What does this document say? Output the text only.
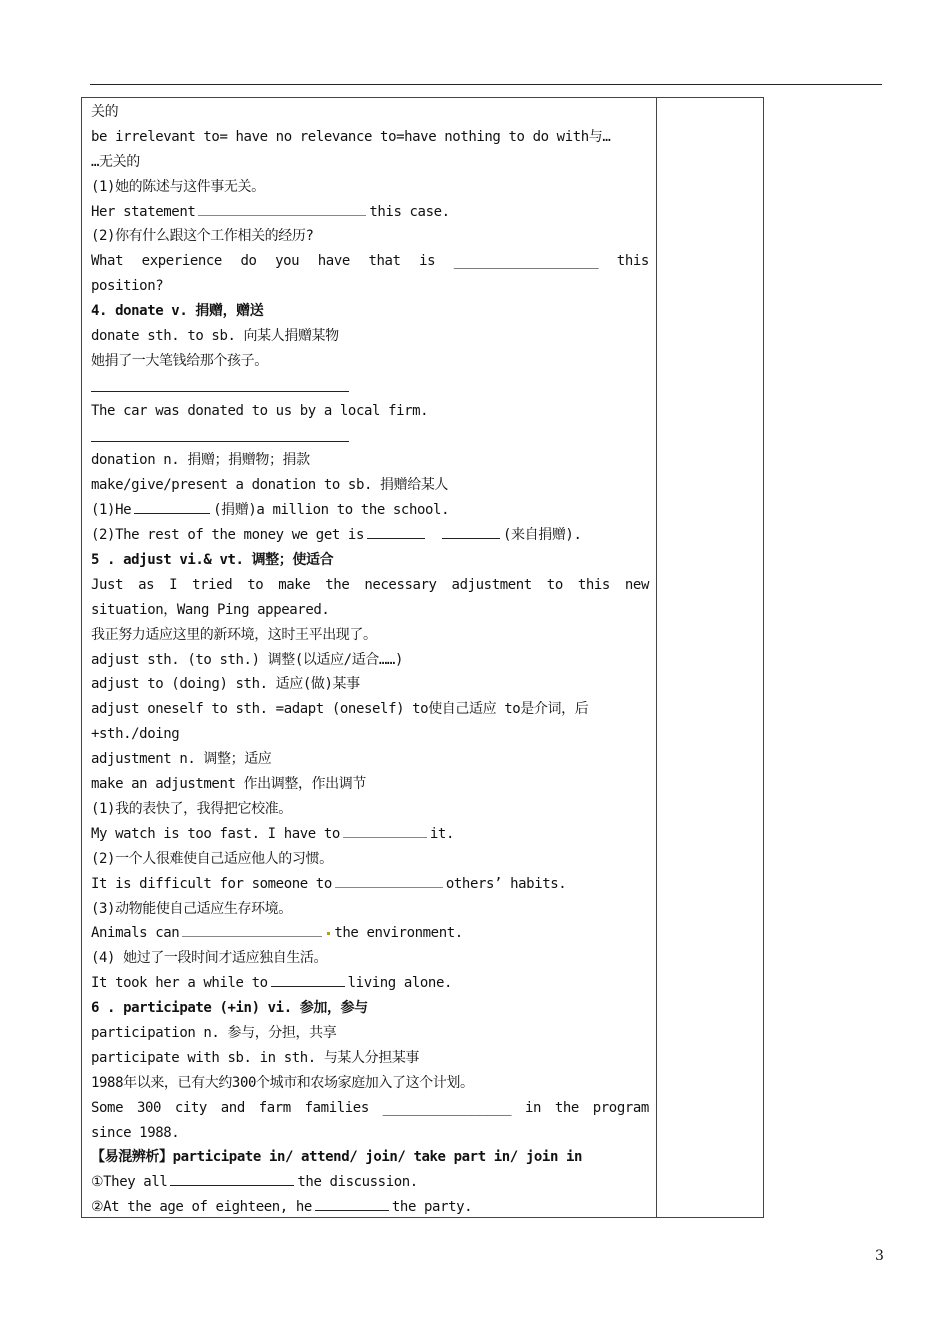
关的
be irrelevant to= have no relevance to=have nothing to do with与…
…无关的
(1)她的陈述与这件事无关。
Her statement	this case.
(2)你有什么跟这个工作相关的经历?
What experience do you have that is __________________ this
position?
4. donate v. 捐赠，赠送
donate sth. to sb. 向某人捐赠某物
她捐了一大笔钱给那个孩子。
The car was donated to us by a local firm.
donation n. 捐赠；捐赠物；捐款
make/give/present a donation to sb. 捐赠给某人
(1)He	(捐赠)a million to the school.
(2)The rest of the money we get is	(来自捐赠).
5 . adjust vi.& vt. 调整；使适合
Just as I tried to make the necessary adjustment to this new
situation，Wang Ping appeared.
我正努力适应这里的新环境，这时王平出现了。
adjust sth. (to sth.) 调整(以适应/适合……)
adjust to (doing) sth. 适应(做)某事
adjust oneself to sth. =adapt (oneself) to使自己适应 to是介词，后
+sth./doing
adjustment n. 调整；适应
make an adjustment 作出调整，作出调节
(1)我的表快了，我得把它校准。
My watch is too fast. I have to	it.
(2)一个人很难使自己适应他人的习惯。
It is difficult for someone to	others’ habits.
(3)动物能使自己适应生存环境。
Animals can	the environment.
(4) 她过了一段时间才适应独自生活。
It took her a while to	living alone.
6 . participate (+in) vi. 参加，参与
participation n. 参与，分担，共享
participate with sb. in sth. 与某人分担某事
1988年以来，已有大约300个城市和农场家庭加入了这个计划。
Some 300 city and farm families ________________ in the program
since 1988.
【易混辨析】participate in/ attend/ join/ take part in/ join in
①They all	the discussion.
②At the age of eighteen, he	the party.
3
